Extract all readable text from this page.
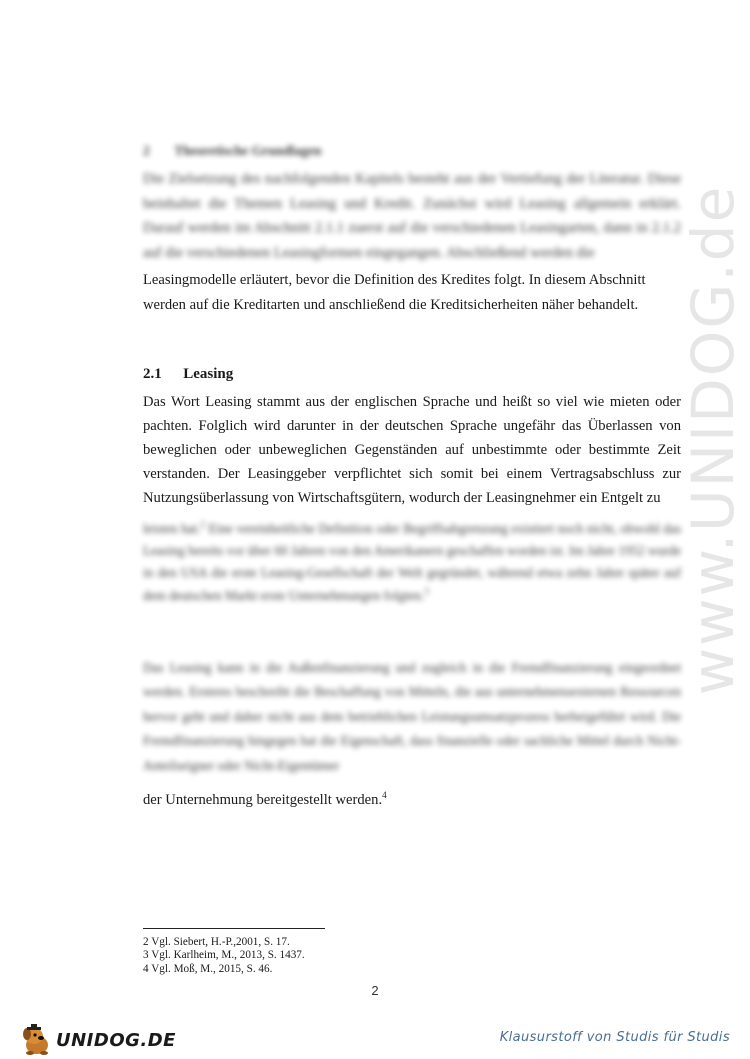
www.UNIDOG.de
2 Theoretische Grundlagen

Die Zielsetzung des nachfolgenden Kapitels besteht aus der Vertiefung der Literatur. Diese beinhaltet die Themen Leasing und Kredit. Zunächst wird Leasing allgemein erklärt. Darauf werden im Abschnitt 2.1.1 zuerst auf die verschiedenen Leasingarten, dann in 2.1.2 auf die verschiedenen Leasingformen eingegangen. Abschließend werden die

Leasingmodelle erläutert, bevor die Definition des Kredites folgt. In diesem Abschnitt

werden auf die Kreditarten und anschließend die Kreditsicherheiten näher behandelt.

2.1 Leasing

Das Wort Leasing stammt aus der englischen Sprache und heißt so viel wie mieten oder pachten. Folglich wird darunter in der deutschen Sprache ungefähr das Überlassen von beweglichen oder unbeweglichen Gegenständen auf unbestimmte oder bestimmte Zeit verstanden. Der Leasinggeber verpflichtet sich somit bei einem Vertragsabschluss zur Nutzungsüberlassung von Wirtschaftsgütern, wodurch der Leasingnehmer ein Entgelt zu

leisten hat.$^2$ Eine vereinheitliche Definition oder Begriffsabgrenzung existiert noch nicht, obwohl das Leasing bereits vor über 60 Jahren von den Amerikanern geschaffen worden ist. Im Jahre 1952 wurde in den USA die erste Leasing-Gesellschaft der Welt gegründet, während etwa zehn Jahre später auf dem deutschen Markt erste Unternehmungen folgten.$^3$

Das Leasing kann in die Außenfinanzierung und zugleich in die Fremdfinanzierung eingeordnet werden. Ersteres beschreibt die Beschaffung von Mitteln, die aus unternehmensexternen Ressourcen hervor geht und daher nicht aus dem betrieblichen Leistungsumsatzprozess herbeigeführt wird. Die Fremdfinanzierung hingegen hat die Eigenschaft, dass finanzielle oder sachliche Mittel durch Nicht-Anteilseigner oder Nicht-Eigentümer

der Unternehmung bereitgestellt werden.$^4$

2 Vgl. Siebert, H.-P.,2001, S. 17.
3 Vgl. Karlheim, M., 2013, S. 1437.
4 Vgl. Moß, M., 2015, S. 46.
2
UNIDOG.DE	Klausurstoff von Studis für Studis
